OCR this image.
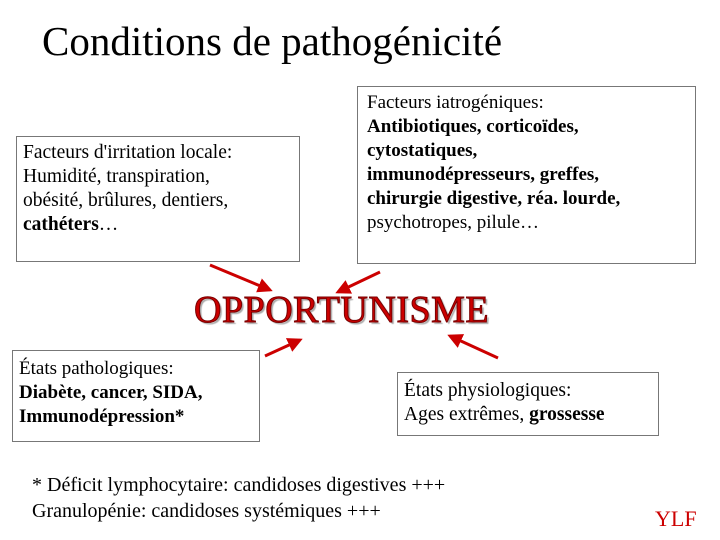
Conditions de pathogénicité
Facteurs d'irritation locale:
Humidité, transpiration,
obésité, brûlures, dentiers,
cathéters…
Facteurs iatrogéniques:
Antibiotiques, corticoïdes,
cytostatiques,
immunodépresseurs, greffes,
chirurgie digestive, réa. lourde,
psychotropes, pilule…
États pathologiques:
Diabète, cancer, SIDA,
Immunodépression*
États physiologiques:
Ages extrêmes, grossesse
OPPORTUNISME
* Déficit lymphocytaire: candidoses digestives +++
Granulopénie: candidoses systémiques +++	YLF
